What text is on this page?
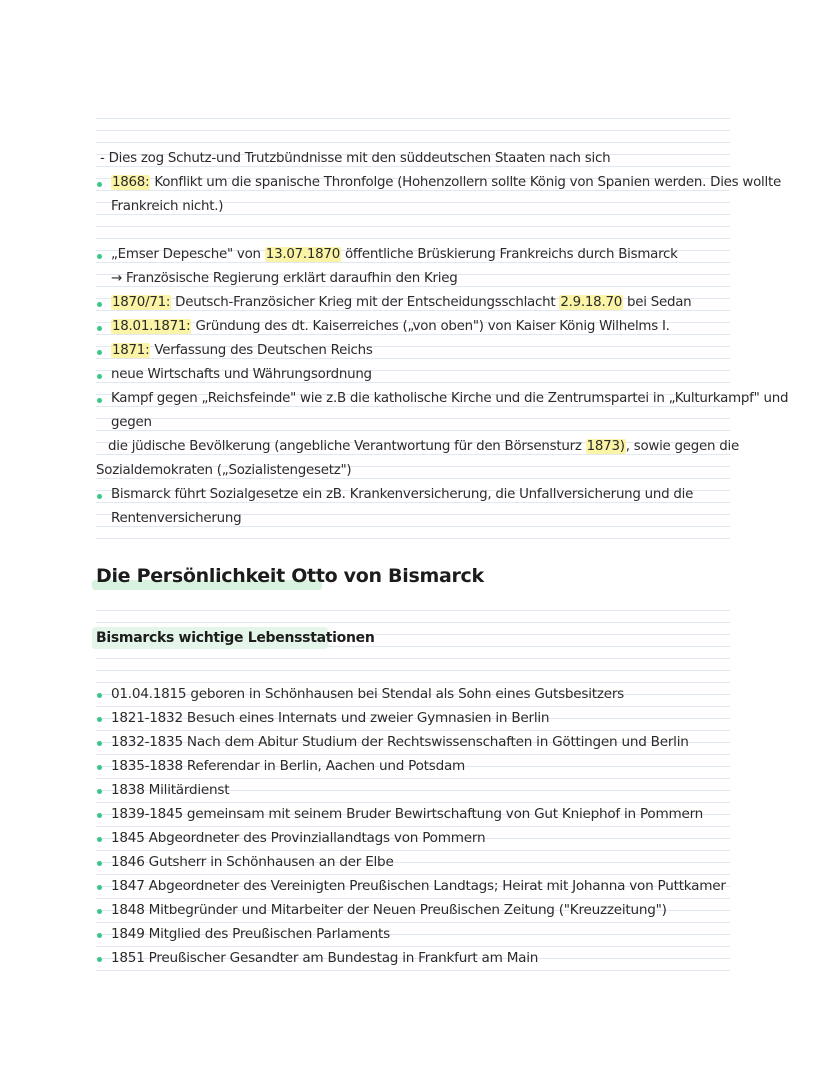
- Dies zog Schutz-und Trutzbündnisse mit den süddeutschen Staaten nach sich
1868: Konflikt um die spanische Thronfolge (Hohenzollern sollte König von Spanien werden. Dies wollte
Frankreich nicht.)
„Emser Depesche" von 13.07.1870 öffentliche Brüskierung Frankreichs durch Bismarck
→ Französische Regierung erklärt daraufhin den Krieg
1870/71: Deutsch-Französicher Krieg mit der Entscheidungsschlacht 2.9.18.70 bei Sedan
18.01.1871: Gründung des dt. Kaiserreiches („von oben") von Kaiser König Wilhelms I.
1871: Verfassung des Deutschen Reichs
neue Wirtschafts und Währungsordnung
Kampf gegen „Reichsfeinde" wie z.B die katholische Kirche und die Zentrumspartei in „Kulturkampf" und
gegen
die jüdische Bevölkerung (angebliche Verantwortung für den Börsensturz 1873), sowie gegen die
Sozialdemokraten („Sozialistengesetz")
Bismarck führt Sozialgesetze ein zB. Krankenversicherung, die Unfallversicherung und die
Rentenversicherung
Die Persönlichkeit Otto von Bismarck
Bismarcks wichtige Lebensstationen
01.04.1815 geboren in Schönhausen bei Stendal als Sohn eines Gutsbesitzers
1821-1832 Besuch eines Internats und zweier Gymnasien in Berlin
1832-1835 Nach dem Abitur Studium der Rechtswissenschaften in Göttingen und Berlin
1835-1838 Referendar in Berlin, Aachen und Potsdam
1838 Militärdienst
1839-1845 gemeinsam mit seinem Bruder Bewirtschaftung von Gut Kniephof in Pommern
1845 Abgeordneter des Provinziallandtags von Pommern
1846 Gutsherr in Schönhausen an der Elbe
1847 Abgeordneter des Vereinigten Preußischen Landtags; Heirat mit Johanna von Puttkamer
1848 Mitbegründer und Mitarbeiter der Neuen Preußischen Zeitung ("Kreuzzeitung")
1849 Mitglied des Preußischen Parlaments
1851 Preußischer Gesandter am Bundestag in Frankfurt am Main
